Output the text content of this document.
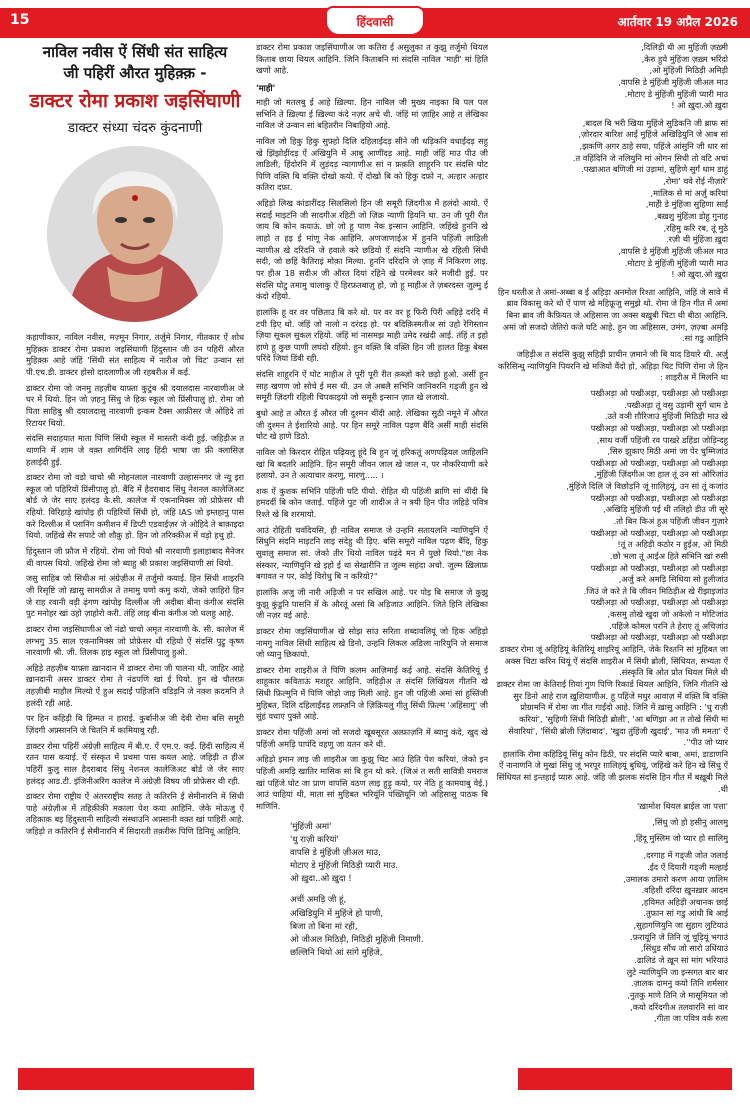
15	हिंदवासी	आर्तवार 19 अप्रैल 2026
नाविल नवीस ऐं सिंधी संत साहित्य
जी पहिरीं औरत मुहिक़्क़ -
डाक्टर रोमा प्रकाश जइसिंघाणी
डाक्टर संध्या चंदरु कुंदनाणी

कहाणीकार, नाविल नवीस, मज़्मून निगार, तर्जुमे निगार, गीतकार ऐं शोध मुहिक़्क़ डाक्टर रोमा प्रकाश जइसिंघाणी हिंदुस्तान जी उन पहिरीं औरत मुहिक़्क़ आहे जंहिं 'सिंधी संत साहित्य में नारीअ जो चिट' उन्वान सां पी.एच.डी. डाक्टर होसो दादलाणीअ जी रहबरीअ में कई.

डाक्टर रोमा जो जनमु तहज़ीब याफ़्ता कुटुंब श्री दयालदास नारवाणीअ जे घर में थियो. हिन जो ज़हनु सिंधु जे हिक स्कूल जो प्रिंसीपालु हो. रोमा जो पिता साहिबु श्री दयालदासु नारवाणी इन्कम टैक्स आफ़ीसर जे ओहिदे तां रिटायर थियो.

संदसि सदाहयात माता पिणि सिंधी स्कूल में मास्तरी कंदी हुई. जहिड़ीअ त थाणनि में शाम जे वक़्त शागिर्दनि लाइ हिंदी भाषा जा फ्री क्लासिज़ हलाईदी हुई.

डाक्टर रोमा जो वडो चाचो श्री मोहनलाल नारवाणी उल्हासनगर जे न्यू इरा स्कूल जो पहिरियों प्रिंसीपालु हो. बैंदि में हैदराबाद सिंधु नेशनल कालेजिअट बोर्ड जे जेर साए हलंदड़ के.सी. कालेज में एकनामिक्स जो प्रोफ़ेसर थी रहियो. विरिहाड़े खांपोइ ही पहिरियों सिंधी हो, जंहिं IAS जो इम्तहानु पास करे दिल्लीअ में प्लानिंग कमीशन में डिप्टी एडवाईज़र जे ओहिदे ते बाक़ाइदा थियो. जहिंखे सैर सपाटे जो शौक़ु हो. हिन जो तरिक्क़ीअ में वड़ो हथु हो.

हिंदुस्तान जी फ़ौज में रहियो. रोमा जो पियो श्री नारवाणी इलाहाबाद मैनेजर थी वापस थियो. जहिंखे रोमा जो ब्याहु श्री प्रकाश जइसिंघाणी सां थियो.

जसु साहिब जो सिंधीअ मां अंग्रेज़ीअ में तर्जुमो कयाई. हिन सिंधी शाइरनि जी रिसृष्टि जो ख़ासु सामग्रीअ ते तमामु घणो कमु कयो, जेको ज़ाहिरो हिन जे राह रवानी वड़ी ढ़ंगण खांपोइ दिल्लीअ जी अदीबा बीना कंगीअ संदसि पुट मनोहर खां उहो ज़ाहोरो करी. तंहिं लाइ बीना कंगीअ जो थलहु आहे.

डाक्टर रोमा जइसिंघाणीअ जो नंढो चाचो अमृत नारवाणी के. सी. कालेज में लग्भगु 35 साल एकनामिक्स जो प्रोफ़ेसर थी रहियो ऐं संदसि पुट्रु कृष्ण नारवाणी श्री. जी. तिलक हाइ स्कूल जो प्रिंसीपालु हुओ.

अहिड़े तहज़ीब याफ़्ता ख़ानदान में डाक्टर रोमा जी पालना थी. जाहिर आहे ख़ानदानी असर डाक्टर रोमा ते नंढपणि खां ई पियो. हुन खे चौतरफ़ तहज़ीबी माहौल मिल्यो ऐं हुअ सदाईं पहिंजनि वडिड़नि जे नक़्श क़दमनि ते हलंदी रही आहे.

पर हिन कहिड़ी बि हिम्मत न हाराई. कुर्बानीअ जी देवी रोमा बसि समूरी ज़िंदगी अफ़्साननि जे चितनि में कामियाबु रही.

डाक्टर रोमा पहिरीं अंग्रेज़ी साहित्य में बी.ए. ऐं एम.ए. कई. हिंदी साहित्य में रतन पास कयाई. ऐं संस्कृत में प्रथमा पास कयल आहे. जहिड़ी त हीअ पहिरीं कुलु साल हैदराबाद सिंधु नेशनल कालेजिअट बोर्ड जे जेर साए हलंदड़ आड.टी. इंजिनीअरिंग कालेज में अंग्रेज़ी विषय जी प्रोफ़ेसर थी रही.

डाक्टर रोमा राष्ट्रीय ऐं अंतरराष्ट्रीय सतह ते कतिरनि ई सेमीनारनि में सिंधी पाहे अंग्रेज़ीअ में तहिक़ीक़ी मक़ाला पेश कया आहिनि. जेके मोऊजु ऐं तहिक़ाक़ बइ हिंदुस्तानी साहित्यी संस्थाउनि अफ़्सानी वक़्त खां पाहिरीं आहे. जहिड़ो त कतिरनि ई सेमीनारनि में सिदारती तक़रीरूं पिणि डिनियूं आहिनि.

डाक्टर रोमा प्रकाश जइसिंघाणीअ जा कतिरा ई असुलुका त कुझु तर्जुमो थियल किताब छाया थियल आहिनि. जिनि किताबनि मां संदसि नाविल 'माही' मां हिति खणो आहे.

'माही'

माही जो मतलबु ई आहे ख़िल्या. हिन नाविल जी मुख्य नाइका बि पल पल सभिनि ते ख़िल्या ई ख़िल्या कंदे नज़र अचे थी. जंहिं मां ज़ाहिर आहे त लेखिका नाविल जे उन्वान सां बहितरीन निबाहियो आहे.

नाविल जो हिकु हिकु सुफ़्हो दिलि दहिलाईंदड़ सीने जी धड़िकनि वधाईंदड़ सहु खे झिंझोड़ींदड़ ऐं अखियुनि में आबु आणींदड़ आहे. माही जंहिं माउ पीउ जी लाडिली, हिंदोरनि में लुड़ंदड़ न्यागाणीअ सां न फ़क़ति शाहूरनि पर संदसि घोट पिणि वक़्ति बि वक़्ति दोखो कयो. ऐं दोखो बि को हिकु दफ़ो न, अत्हार अत्हार कतिरा दफ़ा.

अहिड़ो लिख कांडारींदड़ सिलसिलो हिन जी समूरी ज़िंदगीअ में हलंदो आयो. ऐं सदाईं माइटनि जी सादगीअ रहिटी जो ज़िक्र न्याणी ड़ियनि था. उन जी पूरी रीत जाय बि कोन कयाऊं. छो जो हू पाण नेक इन्सान आहिनि. जहिंखे हुननि खे लाहो त हइ ई मांणू नेक आहिनि. अणजाणाईअ में हुननि पहिंजी लाड़िली न्याणीअ खे दरिंदनि जे हवाले करे छडियो ऐं संदनि न्याणीअ खे रहिली सिंधी सदी, जो छहिं कैतिराइं मोक़ा मिल्या. हुननि दरिंदनि जे ज़ाह में निकिरण लाइ. पर हीअ 18 सदीअ जी औरत दियां रहिने खे परमेश्वर करे मजीदी हुई. पर संदसि घोटु तमामु चालाकु ऐं हिरफ़तबाज़ु हो, जो हू माहीअ ते ज़बरदस्त जुल्मु ई कंदो रहियो.

हालांकि हू वर वर पछिताउ बि करे थो. पर वर वर हू फिरी पिरी अहिड़े दरंदि में टपी ड़िए थो. जंहिं जो नालो न दरंदड़ हो. पर बदिक़िस्मतीअ सां उहो रेगिस्तान ज़िया सूकल सुकल रहियो. जंहिं मां नासमझ माही उमेद रखंदी आई. तंहिं त इहो हाणे हू कुछ पाणी लघंदो रहियो. हुन वक़्ति बि वक़्ति हिन जी हालत हिकु बेबस परिंदे जियां डिंवी रही.

संदसि शाहूरनि ऐं घोट माहीअ ते पूरी पूरी रीत क़ब्ज़ो करे छड़ो हुओ. असीं हून साह़ खणण जो सोचे ई मस थी. उन जे अबलै सभिनि जानिवरनि गड्जी हुन खे समूरी ज़िंदगी रहिली चिपकाइयो जो समूरी इन्सान ज़ात खे लजायो.

बुधो आहे त औरत ई औरत जी दुश्मन थींदी आहे. लेखिका सुठी नमूने में औरत जी दुश्मन ते ईशारियो आहे. पर हिन समूरे नाविल पढ़ण बैंदि असीं माही संदसि घोट खे हाणे डिठो.

नाविल जो किरदार रोहित पढ़ियलु हूंदे बि हुन जूं हरिकतूं अणपढ़ियल जाहिलनि खां बि बदतरि आहिनि. हिन समूरी जीवन जाल खे जाल न, पर नौकरियाणी करे हलायो. उन ते अत्याचार करणु, मारणु..... ।

शक ऐं कुशक सभिनि पहिंजी घटि पीयो. रोहित थी पहिंजी ब्राणि सां थींदी बि हमदर्दी बि कोन जताई. पहिंजे पुट जी शादीअ ते न त्रयी हिन पीउ जहिड़े पवित्र रिश्ते खे बि शरमायो.

आउं रोहिती चवंदियसि, ही नाविल समाज जे उन्हनि सतायलनि न्याणियुनि ऐं सिंधुनि संदनि माइटनि लाइ संदेहु थी ड़िए. बसि समूरो नाविल पढ़ण बैंदि, हिकु सुवालु समाज सां. जेको तीर थियो नाविल पढ़ंदे मन में पुछो थियो."छा नेक संस्कार, न्याणियुनि खे इहो ई था सेखारीनि त जुल्म सहंदा अचो. जुल्म ख़िलाफ़ बगावत न पर, कोई विरोधु बि न करियो?"

हालांकि अजु जी नारी अड़िजी न पर सखिल आहे. पर पोइ बि समाज जे कुझु कुझु कुंडुनि पासनि में के औरतूं असां बि अड़िजाउ आहिनि. जिते हिनि लेखिका जी नज़र वई आहे.

डाक्टर रोमा जइसिंघाणीअ खे सोझ सांउ सरिता शब्दावलियूं जो हिक अहिड़ो नामगु नाविल सिंधी साहित्य खे डिनो, उन्हनि लिकल अङिला नारियुनि जे समाज जो ध्यानु छिकायो.

डाक्टर रोमा शाइरीअ ते पिणि क़लम आज़िमाई कई आहे. संदसि केतिरियूं ई शाहूकार कविताऊं मशहूर आहिनि. जहिड़ीअ त संदसि लिखियल गीतनि खे सिंधी फ़िल्मुनि में पिणि जोड़ो जाइ मिली आहे. हुन जी पहिंजी अमां सां हुस्तिंजी मुहिबत, दिलि दहिलाईंदड़ लफ़्ज़नि जे ज़िक्रियलु गीतु सिंधी फ़िल्म 'अहिंसागु' जी सुंहं वधाए पुक्ते आहे.

डाक्टर रोमा पहिंजी अमां जो सजदो खूबसूरत अल्फ़ाज़नि में ब्यानु कंदे, खुद खे पहिंजी अमड़ि पापंदि वहणु जा यतन करे थी.

अहिड़ो इमान लाइ जी शाइरीअ जा कुझु चिट आउं हिति पेश करियां, जेको इन पहिंजी अमड़ि खातिर मासिक सां बि हुन थो करे. (जिअं त सती सावित्री यमराज खां पहिंजे घोट जा प्राण वापसि वठण लाइ हुड़ु कयो, पर नेठि हू कामयाबु वेई.) आउं चाहियां थी, माता सां मुहिबत भरियूंनि पंख्तियूनि जो अहिसासु पाठक बि माणिनि.

'मुंहिंजी अमां'
'धु राज़ी करियां'
वापसि डे मुंहिंजी ज़ीअल माउ,
मोटाए डे मुंहिंजी मिठिड़ी प्यारी माउ.
ओ ख़ुदा..ओ ख़ुदा !
अचीं अमड़ि जी हूं,
अखिड़ियुनि में मुहिंजे हो पाणी,
बिजा तो बिना मां रही,
ओ जीअल मिठिड़ी, मिठिड़ी मुहिंजी निमाणी.
छल्लिनि थियो आं सांगे मुहिंजे,
दिलिड़ी थी आ मुहिंजी ज़ख़्मी,
केरु हुये मुंहिंजा ज़ख़्म भरिंदो,
ओ मुंहिंजी मिठिड़ी अमिड़ी,
वापसि डे मुंहिंजी मुहिंजी जीअल माउ,
मोटाए डे मुंहिंजी मुहिंजी प्यारी माउ.
ओ ख़ुदा.ओ ख़ुदा !

बादल बि भरी खिया मुहिंजे सुडिकनि जी ब्राफ सां,
ज़ोरदार बारिश आई मुहिंजे अखिड़ियुनि जे आब सां,
झकणि अगर ठाहे सया, पहिंजे आंसुनि जी धार सां,
त वहिंदिनि जे नलियुनि मां ओगन सिधी तो वटि अचां.
पखाआत बणिजी मां उड़ामां, सुहिणे सुर्गं धाम डाहुं.
'रोमा' चवे रोई नीज़ारे,
मालिक से मां अर्ज़ु करियां,
माहेी डे मुंहिंजा सुहिणा साईं,
बख़शु मुंहिंजा डोहु गुनाह,
रहिमु करि रब, तूं मुठे,
रज़ी थी मुंहिंजा ख़ुदा.
वापसि डे मुंहिंजी मुहिंजी जीअल माउ,
मोटाए डे मुंहिंजी मुंहिंजी प्यारी माउ.
ओ ख़ुदा.ओ ख़ुदा !

हिन धरतीअ ते अमां-अब्बा ब ई अहिड़ा अनमोल रिश्ता आहिनि, जंहिं जे सावे में ब्राव विकासु करे थो ऐं पाण खे महिफ़ूजु समुझे थो. रोमा जे हिन गीत में अमां बिना ब्राव जी कैफ़ियत जे अहिसास जा अक्स बख़ुबी चिटा थी बीठा आहिनि. अमां जो सजदो जेतिरो कजे घटि आहे. हुन जा अहिसास, उमंग, ज़ज़्बा अमड़ि सां गडु आहिनि.

जहिड़ीअ त संदसि कुझु सहिड़ी प्राचीन ज़माने जी बि याद डियारे थी. अर्जु करिसिन्धु न्याणियुनि पियरनि खे मजियो वैंदो हो, अहिड़ा चिट पिणि रोमा जे हिन शाइरीअ में मिलनि था :

पखीअड़ा ओ पखीअड़ा, पखीअड़ा ओ पखीअड़ा
पखीअड़ा तूं वसु उड़ामी सुर्गं धाम डे.
उते वञी ग़ौरिजाउं मुंहिंजी मिठिड़ी माउ खे.
पखीअड़ा ओ पखीअड़ा, पखीअड़ा ओ पखीअड़ा
साथ वर्जी पहिंजी रव पाखरे डहिंडा जोड़िन्दहु,
सिरु झुकाए मिठी अमां जा पेर चुम्मिजांउ,
पखीअड़ा ओ पखीअड़ा, पखीअड़ा ओ पखीअड़ा
मुंहिंजी ज़िंदगीअ जा हाल तूं उन सां ओरिजांउ,
मुंहिंजे दिलि जे विछोड़नि जूं ग़ालिहयूं, उन सां तूं कजांउ,
पखीअड़ा ओ पखीअड़ा, पखीअड़ा ओ पखीअड़ा
अखिड़ि मुंहिंजी पई थी तलिहो डीउ जी सूरे,
तो बिन किअं हुअ पहिंजी जीवन गुज़ारे.
पखीअड़ा ओ पखीअड़ा, पखीअड़ा ओ पखीअड़ा
तूं त अहिड़ी कठोर न हुईअ, ओ मिठी!
छो भला तूं आईअ हिते सभिनि खां रुसी.
पखीअड़ा ओ पखीअड़ा, पखीअड़ा ओ पखीअड़ा
अर्जु करे अमड़ि सिधिया सो हुलीजांउ,
जिउं जे करे ते बि जीवन मिठिड़ीअ खे रीझाइजांउ.
पखीअड़ा ओ पखीअड़ा, पखीअड़ा ओ पखीअड़ा
कसमु तोखे खुदा जो अकेलो न मोटिजांउ,
पहिंजे कोमल परनि ते हेराए तूं अचिजांउ.
पखीअड़ा ओ पखीअड़ा, पखीअड़ा ओ पखीअड़ा
डाक्टर रोमा जूं अहिड़ियूं केतिरियूं शाइरियूं आहिनि, जेके रिश्तनि सां मुहिबत जा अक्स चिटा करिन थियूं ऐं संदसि शाइरीअ में सिंधी ब्रोली, सिंधियत, सभ्यता ऐं संस्कृति बि ओत प्रोत थियल मिले थी.
डाक्टर रोमा जा केतिराई ग़ियां गुण पिणि रिकार्ड थियल आहिनि, जिनि गीतनि खे सुर डिनो आहे राज ख़ुशियाणीअ. हू पहिंजे मधुर आवाज़ में वक़्ति बि वक़्ति प्रोग्रामनि में रोमा जा गीत गाईंदो आहे. जिनि में ख़ासु आहिनि : 'धु राज़ी करियां', 'सुहिणी सिंधी मिठिड़ी ब्रोली', 'आ बणिझा आ त तोखे सिंधी मां सेवारियां', 'सिंधी ब्रोली ज़िंदाबाद', 'खुदा तुंहिंजी खुदाई', 'माउ जी ममता' ऐं 'पीउ जो प्यार'.
हालांकि रोमा कहिड़ियूं सिंधु कोन डिठी, पर संदसि प्यारे बाबा, अमां, डाडाणनि ऐं नानाणनि जे मुखां सिंधु जूं भरपूर ग़ालिहयूं बुधियूं, जहिंखे करे हिन खे सिंधु ऐं सिंधियत सां इन्तहाई प्यारु आहे. जंहि जी झलक संदसि हिन गीत में बख़ूबी मिले थी.

'ख़ामोश थियल ब्राईल जा पत्ता'

सिंधु जो हो हसीनु आलमु,

हिंदू मुस्लिम जो प्यार हो सालिमु,

दरगाह में गड्जी जोत जलाई,
ईद ऐं दियारी गड्जी मल्हाई.
उमालक उमारो करण आया ज़ालिम,
वहिशी दरिंदा ख़ुनख़ार आदम.
हयिमत अहिड़ी अचानक छाई,
तुफ़ान सां गडु आंधी बि आई.
सुहागणियुनि जा सुहाग लुटियाउं,
फ़रायूंनि जे तिनि जूं चूड़ियूं भगाउं.
सिंधुड सौंध जो सारो उधिंयाउं,
ढालिडं जे ख़ून सां मांग भरियाउं.
लुटे न्याणियुनि जा इन्सगत बार बार
ज़ालक दामनु कयो तिनि शर्मसार.
नुतकु माणे तिनि जे मासूमियत जो,
कयो दरिंदगीअ तलवारनि सां वार,
गीता जा पवित्र वर्क रुला,
